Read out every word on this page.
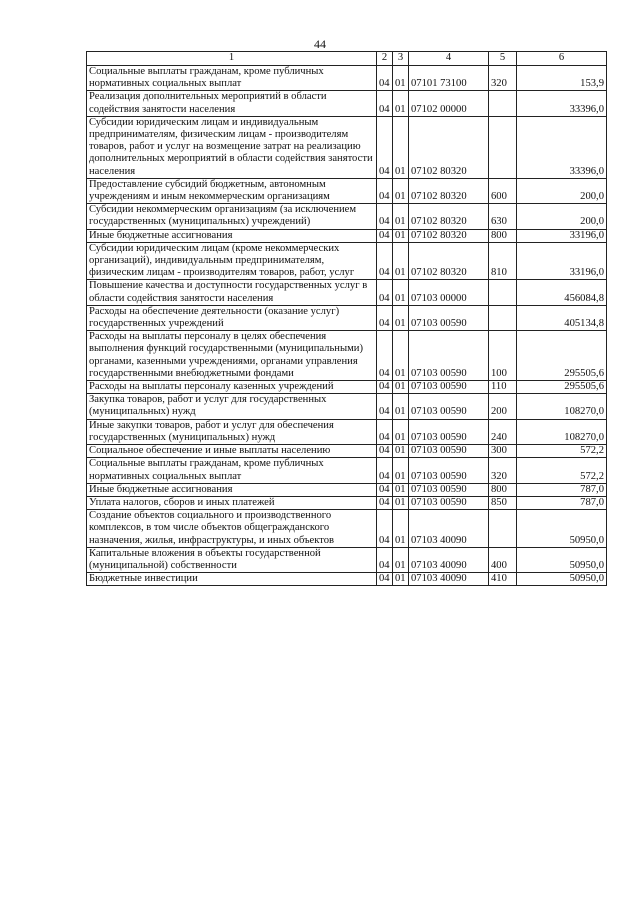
44
1	2	3	4	5	6
Социальные выплаты гражданам, кроме публичных нормативных социальных выплат	04	01	07101 73100	320	153,9
Реализация дополнительных мероприятий в области содействия занятости населения	04	01	07102 00000		33396,0
Субсидии юридическим лицам и индивидуальным предпринимателям, физическим лицам - производителям товаров, работ и услуг на возмещение затрат на реализацию дополнительных мероприятий в области содействия занятости населения	04	01	07102 80320		33396,0
Предоставление субсидий бюджетным, автономным учреждениям и иным некоммерческим организациям	04	01	07102 80320	600	200,0
Субсидии некоммерческим организациям (за исключением государственных (муниципальных) учреждений)	04	01	07102 80320	630	200,0
Иные бюджетные ассигнования	04	01	07102 80320	800	33196,0
Субсидии юридическим лицам (кроме некоммерческих организаций), индивидуальным предпринимателям, физическим лицам - производителям товаров, работ, услуг	04	01	07102 80320	810	33196,0
Повышение качества и доступности государственных услуг в области содействия занятости населения	04	01	07103 00000		456084,8
Расходы на обеспечение деятельности (оказание услуг) государственных учреждений	04	01	07103 00590		405134,8
Расходы на выплаты персоналу в целях обеспечения выполнения функций государственными (муниципальными) органами, казенными учреждениями, органами управления государственными внебюджетными фондами	04	01	07103 00590	100	295505,6
Расходы на выплаты персоналу казенных учреждений	04	01	07103 00590	110	295505,6
Закупка товаров, работ и услуг для государственных (муниципальных) нужд	04	01	07103 00590	200	108270,0
Иные закупки товаров, работ и услуг для обеспечения государственных (муниципальных) нужд	04	01	07103 00590	240	108270,0
Социальное обеспечение и иные выплаты населению	04	01	07103 00590	300	572,2
Социальные выплаты гражданам, кроме публичных нормативных социальных выплат	04	01	07103 00590	320	572,2
Иные бюджетные ассигнования	04	01	07103 00590	800	787,0
Уплата налогов, сборов и иных платежей	04	01	07103 00590	850	787,0
Создание объектов социального и производственного комплексов, в том числе объектов общегражданского назначения, жилья, инфраструктуры, и иных объектов	04	01	07103 40090		50950,0
Капитальные вложения в объекты государственной (муниципальной) собственности	04	01	07103 40090	400	50950,0
Бюджетные инвестиции	04	01	07103 40090	410	50950,0
